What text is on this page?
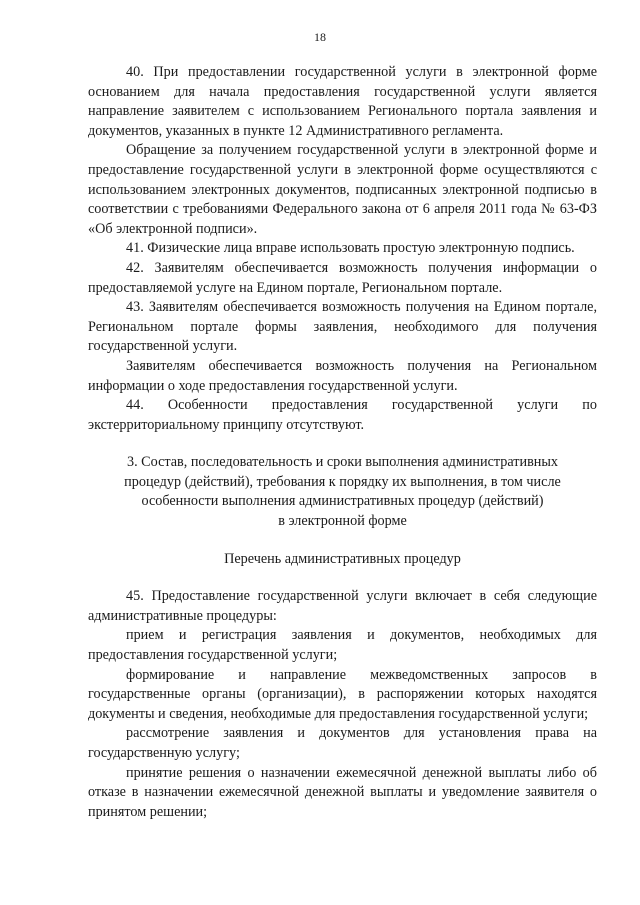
18

40. При предоставлении государственной услуги в электронной форме основанием для начала предоставления государственной услуги является направление заявителем с использованием Регионального портала заявления и документов, указанных в пункте 12 Административного регламента.

Обращение за получением государственной услуги в электронной форме и предоставление государственной услуги в электронной форме осуществляются с использованием электронных документов, подписанных электронной подписью в соответствии с требованиями Федерального закона от 6 апреля 2011 года № 63-ФЗ «Об электронной подписи».

41. Физические лица вправе использовать простую электронную подпись.

42. Заявителям обеспечивается возможность получения информации о предоставляемой услуге на Едином портале, Региональном портале.

43. Заявителям обеспечивается возможность получения на Едином портале, Региональном портале формы заявления, необходимого для получения государственной услуги.

Заявителям обеспечивается возможность получения на Региональном информации о ходе предоставления государственной услуги.

44. Особенности предоставления государственной услуги по экстерриториальному принципу отсутствуют.

3. Состав, последовательность и сроки выполнения административных
процедур (действий), требования к порядку их выполнения, в том числе
особенности выполнения административных процедур (действий)
в электронной форме
Перечень административных процедур

45. Предоставление государственной услуги включает в себя следующие административные процедуры:

прием и регистрация заявления и документов, необходимых для предоставления государственной услуги;

формирование и направление межведомственных запросов в государственные органы (организации), в распоряжении которых находятся документы и сведения, необходимые для предоставления государственной услуги;

рассмотрение заявления и документов для установления права на государственную услугу;

принятие решения о назначении ежемесячной денежной выплаты либо об отказе в назначении ежемесячной денежной выплаты и уведомление заявителя о принятом решении;
